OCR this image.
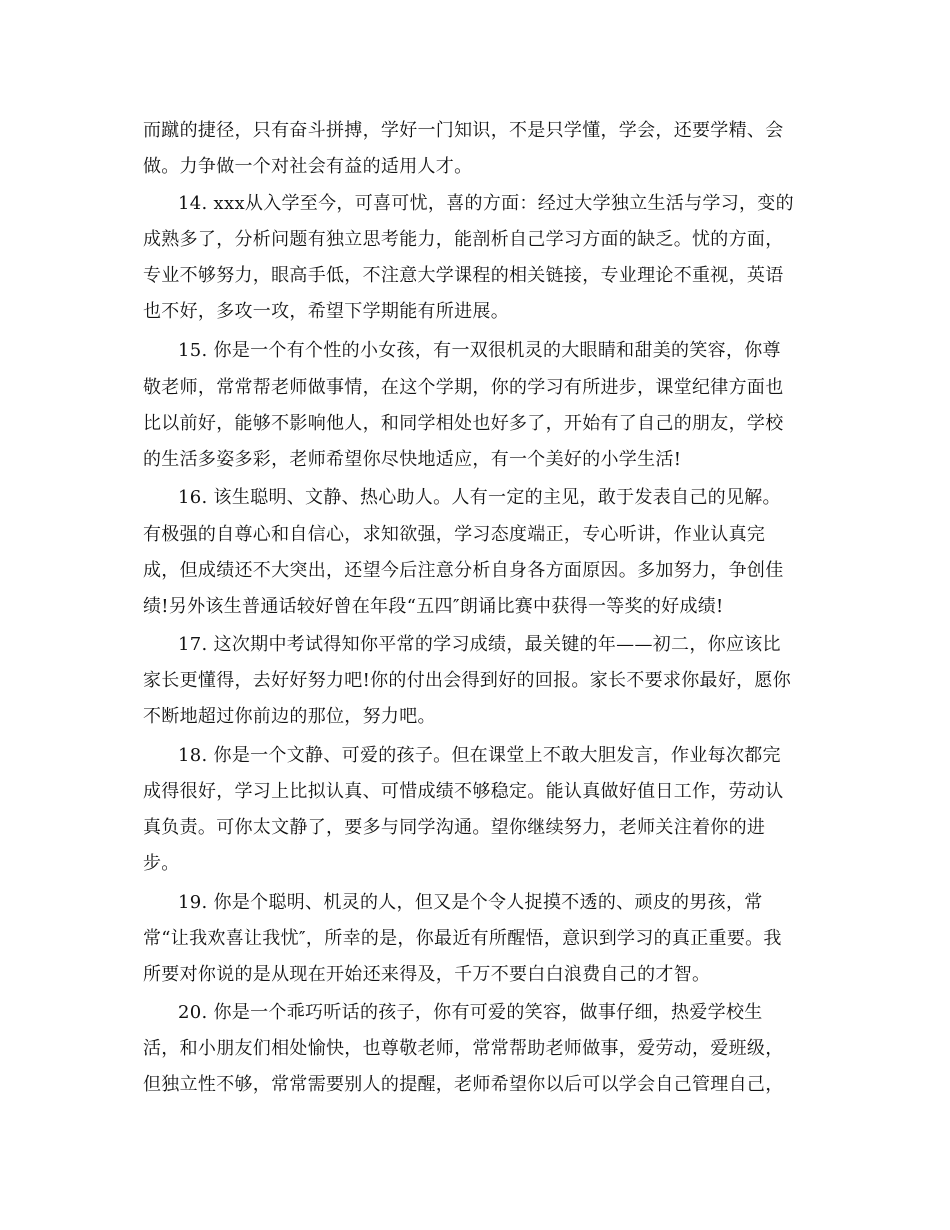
而蹴的捷径，只有奋斗拼搏，学好一门知识，不是只学懂，学会，还要学精、会
做。力争做一个对社会有益的适用人才。
14. xxx从入学至今，可喜可忧，喜的方面：经过大学独立生活与学习，变的
成熟多了，分析问题有独立思考能力，能剖析自己学习方面的缺乏。忧的方面，
专业不够努力，眼高手低，不注意大学课程的相关链接，专业理论不重视，英语
也不好，多攻一攻，希望下学期能有所进展。
15. 你是一个有个性的小女孩，有一双很机灵的大眼睛和甜美的笑容，你尊
敬老师，常常帮老师做事情，在这个学期，你的学习有所进步，课堂纪律方面也
比以前好，能够不影响他人，和同学相处也好多了，开始有了自己的朋友，学校
的生活多姿多彩，老师希望你尽快地适应，有一个美好的小学生活!
16. 该生聪明、文静、热心助人。人有一定的主见，敢于发表自己的见解。
有极强的自尊心和自信心，求知欲强，学习态度端正，专心听讲，作业认真完
成，但成绩还不大突出，还望今后注意分析自身各方面原因。多加努力，争创佳
绩!另外该生普通话较好曾在年段“五四″朗诵比赛中获得一等奖的好成绩!
17. 这次期中考试得知你平常的学习成绩，最关键的年——初二，你应该比
家长更懂得，去好好努力吧!你的付出会得到好的回报。家长不要求你最好，愿你
不断地超过你前边的那位，努力吧。
18. 你是一个文静、可爱的孩子。但在课堂上不敢大胆发言，作业每次都完
成得很好，学习上比拟认真、可惜成绩不够稳定。能认真做好值日工作，劳动认
真负责。可你太文静了，要多与同学沟通。望你继续努力，老师关注着你的进
步。
19. 你是个聪明、机灵的人，但又是个令人捉摸不透的、顽皮的男孩，常
常“让我欢喜让我忧″，所幸的是，你最近有所醒悟，意识到学习的真正重要。我
所要对你说的是从现在开始还来得及，千万不要白白浪费自己的才智。
20. 你是一个乖巧听话的孩子，你有可爱的笑容，做事仔细，热爱学校生
活，和小朋友们相处愉快，也尊敬老师，常常帮助老师做事，爱劳动，爱班级，
但独立性不够，常常需要别人的提醒，老师希望你以后可以学会自己管理自己，
